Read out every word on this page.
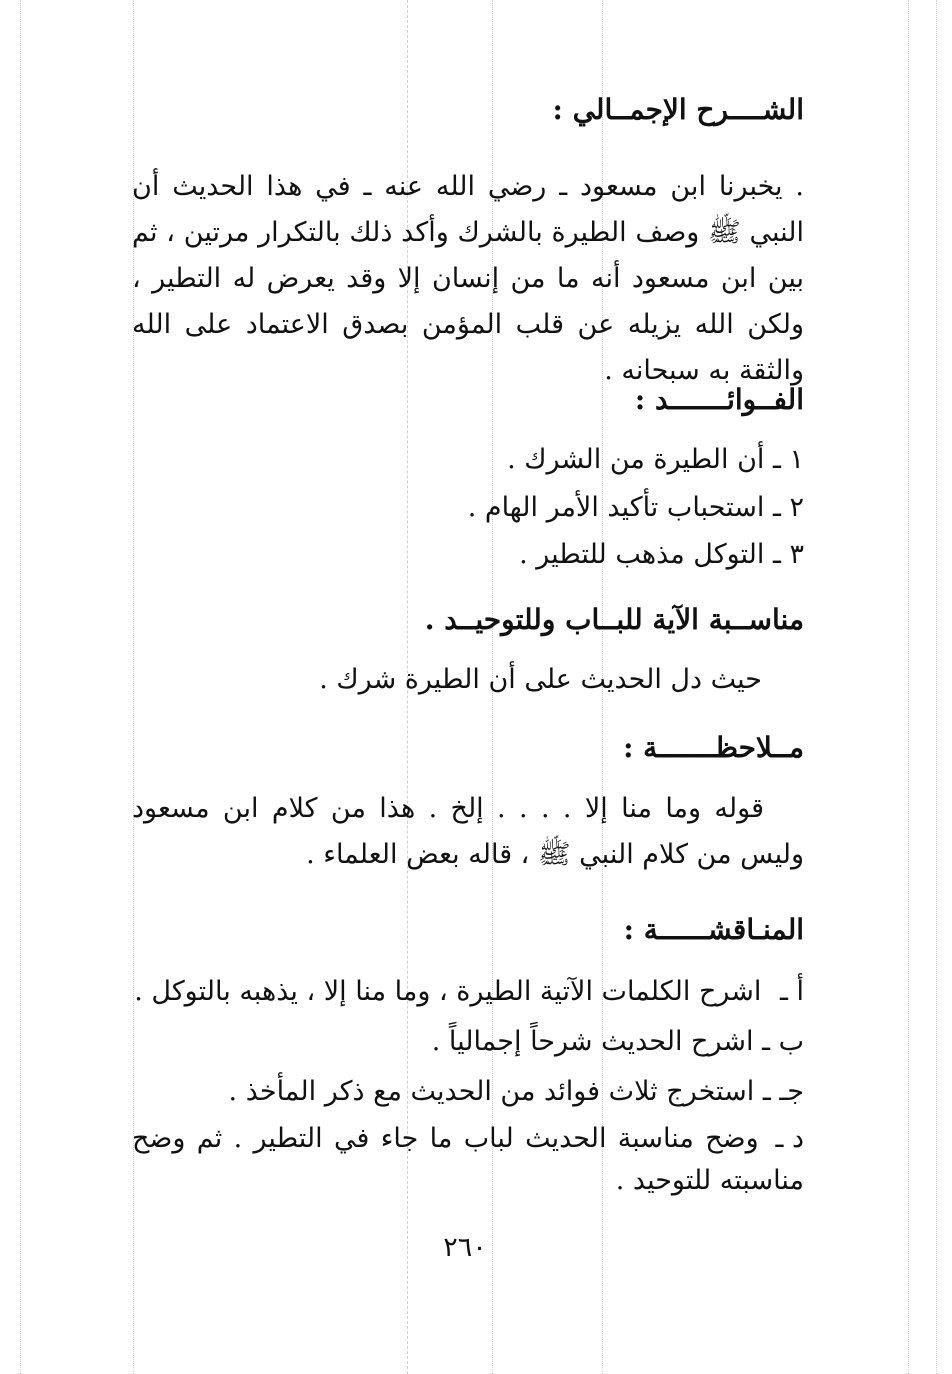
الشــــرح الإجمــالي :
. يخبرنا ابن مسعود ـ رضي الله عنه ـ في هذا الحديث أن النبي ﷺ وصف الطيرة بالشرك وأكد ذلك بالتكرار مرتين ، ثم بين ابن مسعود أنه ما من إنسان إلا وقد يعرض له التطير ، ولكن الله يزيله عن قلب المؤمن بصدق الاعتماد على الله والثقة به سبحانه .
الفــوائـــــــد :
١ ـ أن الطيرة من الشرك .
٢ ـ استحباب تأكيد الأمر الهام .
٣ ـ التوكل مذهب للتطير .
مناســبة الآية للبــاب وللتوحيــد .
حيث دل الحديث على أن الطيرة شرك .
مــلاحظـــــــة :
قوله وما منا إلا . . . . إلخ . هذا من كلام ابن مسعود وليس من كلام النبي ﷺ ، قاله بعض العلماء .
المنـاقشــــــة :
أ ـ اشرح الكلمات الآتية الطيرة ، وما منا إلا ، يذهبه بالتوكل .
ب ـ اشرح الحديث شرحاً إجمالياً .
جـ ـ استخرج ثلاث فوائد من الحديث مع ذكر المأخذ .
د ـ وضح مناسبة الحديث لباب ما جاء في التطير . ثم وضح مناسبته للتوحيد .
٢٦٠
